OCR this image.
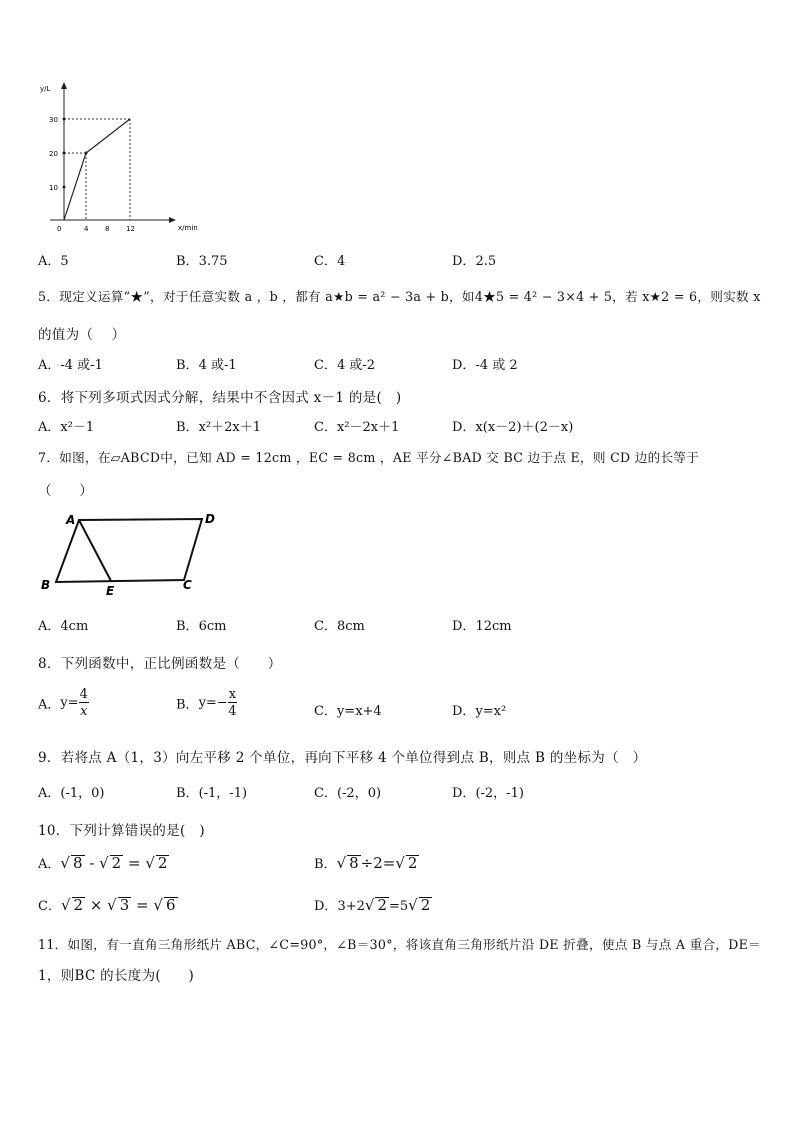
y/L
x/min
30
20
10
0	4 8 12
A．5	B．3.75	C．4	D．2.5
5．现定义运算“★”，对于任意实数 a ，b ，都有 a★b = a² − 3a + b，如4★5 = 4² − 3×4 + 5，若 x★2 = 6，则实数 x
的值为（　 ）
A．-4 或-1	B．4 或-1	C．4 或-2	D．-4 或 2
6．将下列多项式因式分解，结果中不含因式 x－1 的是(　)
A．x²－1	B．x²＋2x＋1	C．x²－2x＋1	D．x(x－2)＋(2－x)
7．如图，在▱ABCD中，已知 AD = 12cm ，EC = 8cm ，AE 平分∠BAD 交 BC 边于点 E，则 CD 边的长等于
（　　）
A	D
B	E	C
A．4cm	B．6cm	C．8cm	D．12cm
8．下列函数中，正比例函数是（　　）
A．$y= \frac{4}{x}$	B．$y=- \frac{x}{4}$	C．y=x+4	D．y=x²
9．若将点 A（1，3）向左平移 2 个单位，再向下平移 4 个单位得到点 B，则点 B 的坐标为（　）
A．(-1，0)	B．(-1，-1)	C．(-2，0)	D．(-2，-1)
10．下列计算错误的是(　)
A．√ 8 - √ 2 = √ 2	B．√ 8 ÷2=√ 2
C．√ 2 × √ 3 = √ 6	D．3+2√ 2 =5√ 2
11．如图，有一直角三角形纸片 ABC，∠C=90°，∠B＝30°，将该直角三角形纸片沿 DE 折叠，使点 B 与点 A 重合，DE＝
1，则BC 的长度为(　　)
